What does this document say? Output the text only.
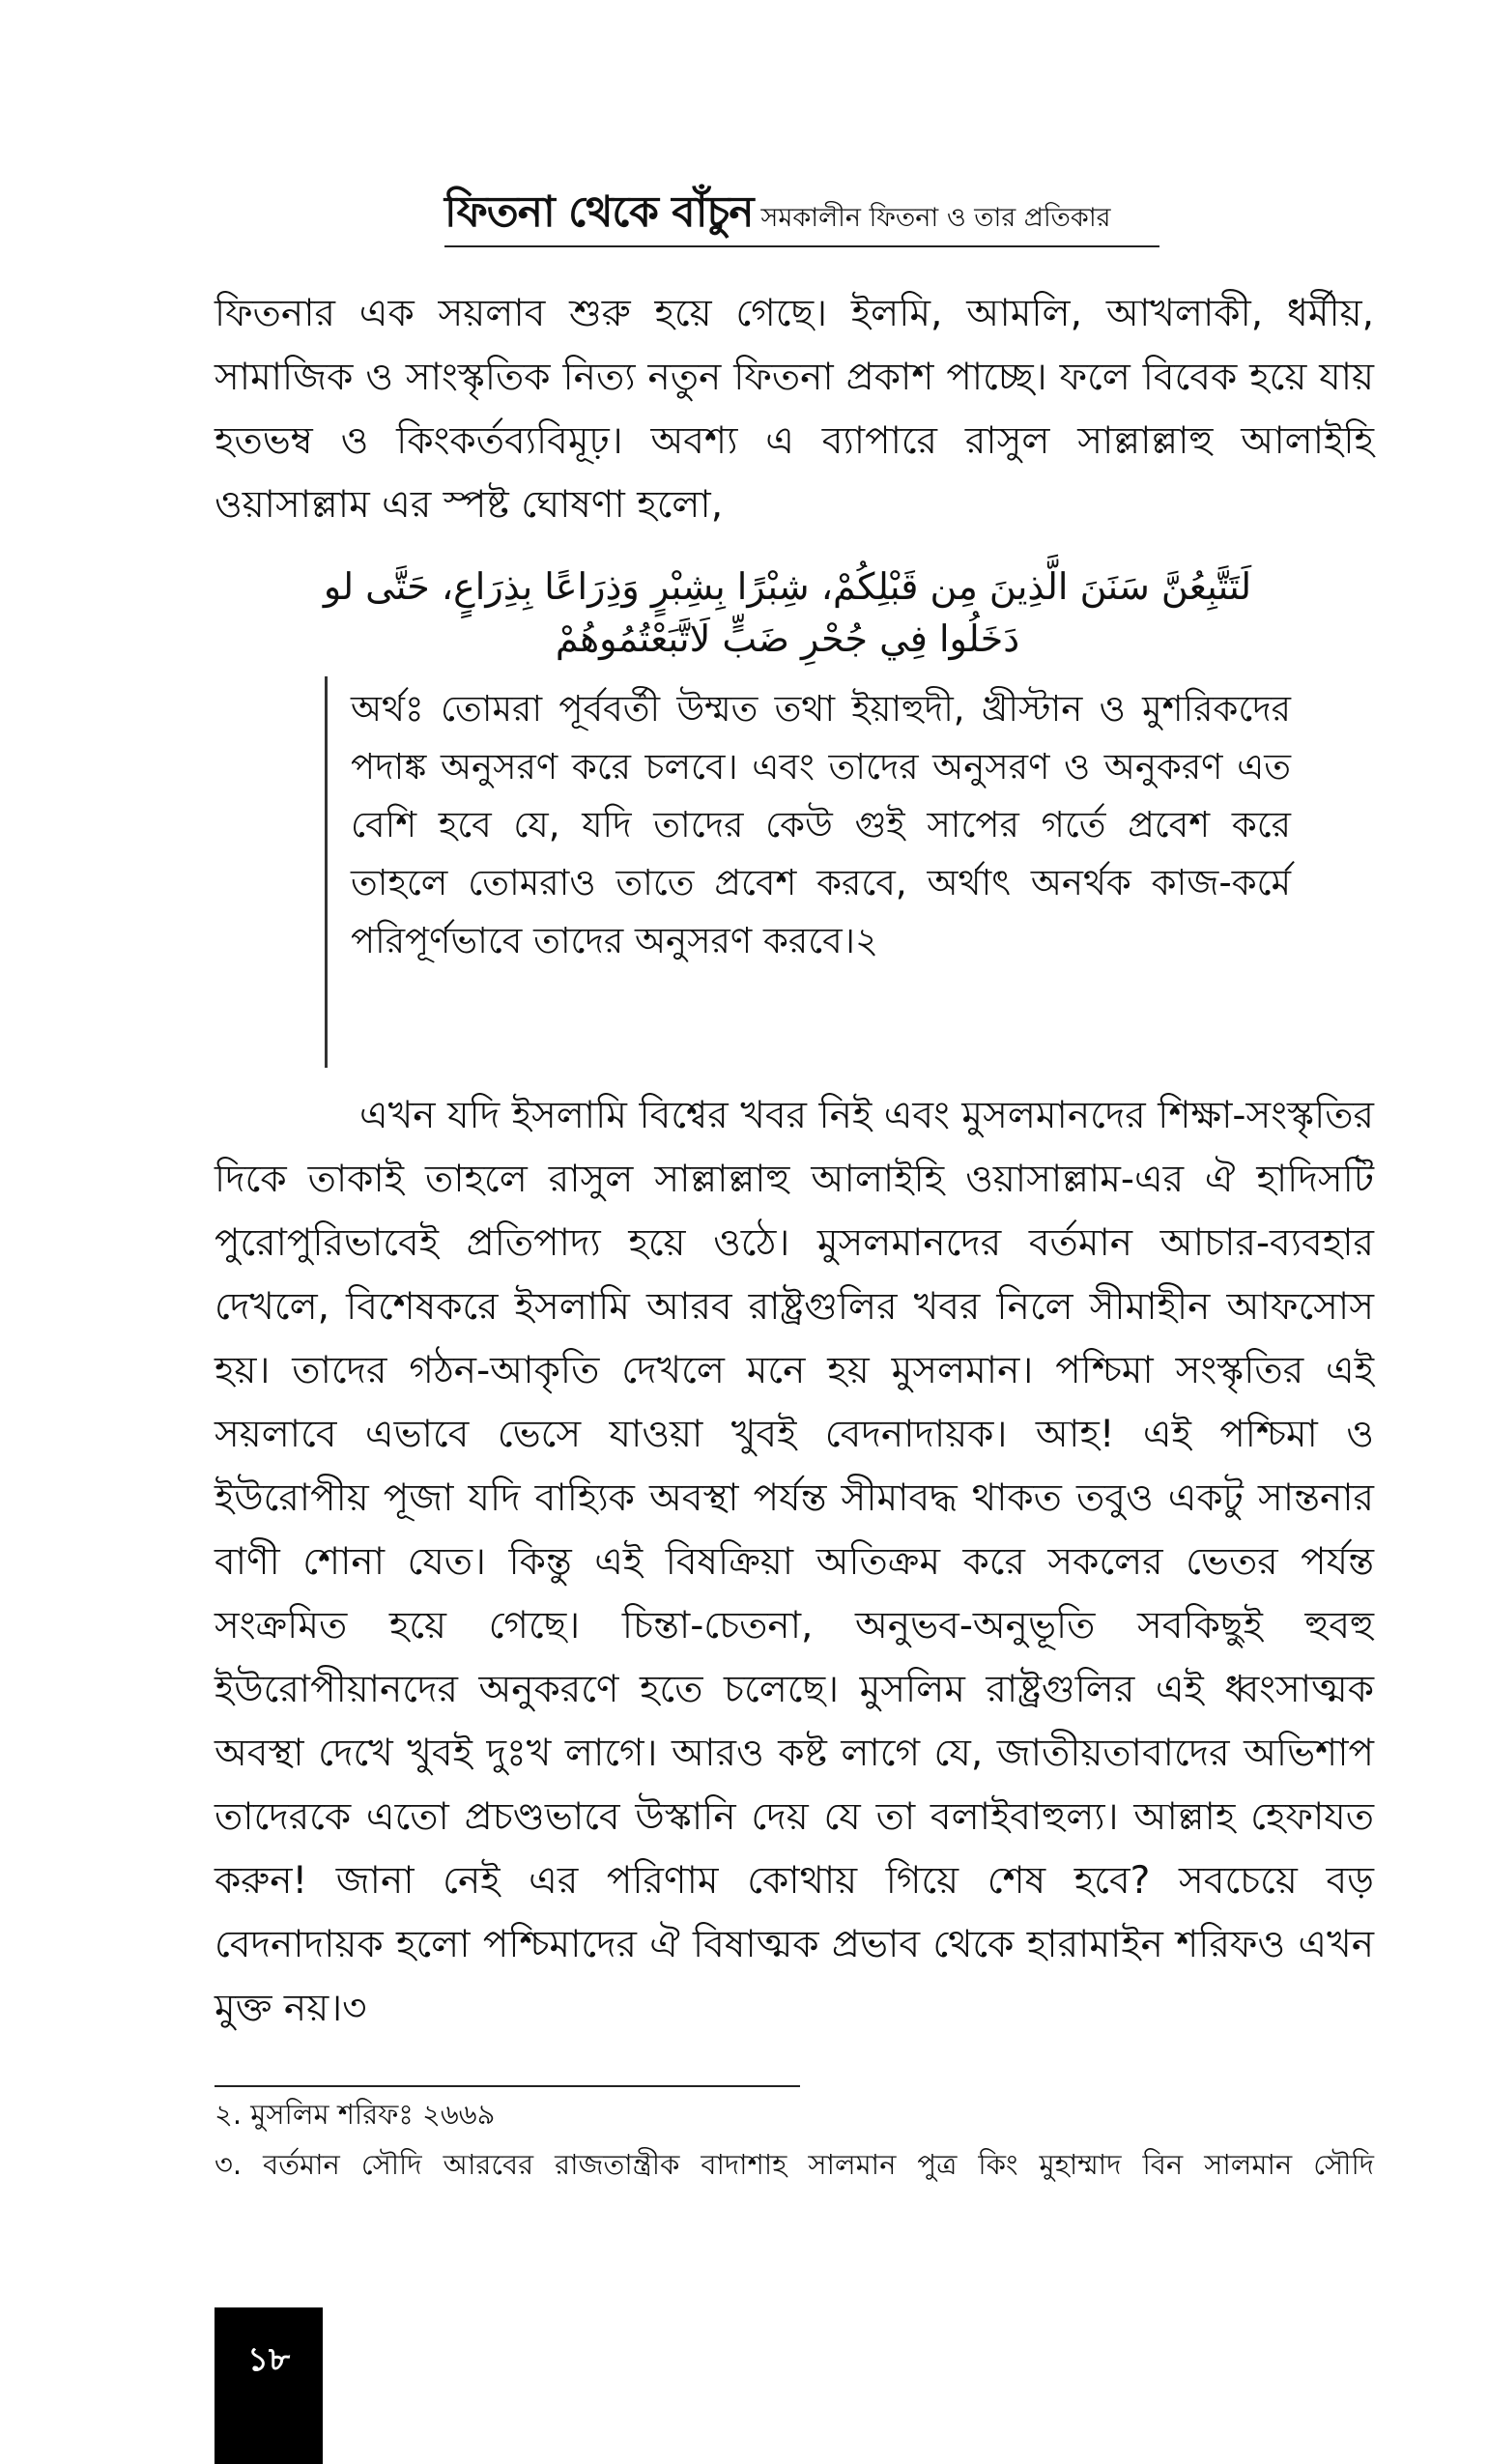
ফিতনা থেকে বাঁচুন সমকালীন ফিতনা ও তার প্রতিকার

ফিতনার এক সয়লাব শুরু হয়ে গেছে। ইলমি, আমলি, আখলাকী, ধর্মীয়, সামাজিক ও সাংস্কৃতিক নিত্য নতুন ফিতনা প্রকাশ পাচ্ছে। ফলে বিবেক হয়ে যায় হতভম্ব ও কিংকর্তব্যবিমূঢ়। অবশ্য এ ব্যাপারে রাসুল সাল্লাল্লাহু আলাইহি ওয়াসাল্লাম এর স্পষ্ট ঘোষণা হলো,

لَتَتَّبِعُنَّ سَنَنَ الَّذِينَ مِن قَبْلِكُمْ، شِبْرًا بِشِبْرٍ وَذِرَاعًا بِذِرَاعٍ، حَتَّى لو دَخَلُوا فِي جُحْرِ ضَبٍّ لَاتَّبَعْتُمُوهُمْ

অর্থঃ তোমরা পূর্ববর্তী উম্মত তথা ইয়াহুদী, খ্রীস্টান ও মুশরিকদের পদাঙ্ক অনুসরণ করে চলবে। এবং তাদের অনুসরণ ও অনুকরণ এত বেশি হবে যে, যদি তাদের কেউ গুই সাপের গর্তে প্রবেশ করে তাহলে তোমরাও তাতে প্রবেশ করবে, অর্থাৎ অনর্থক কাজ-কর্মে পরিপূর্ণভাবে তাদের অনুসরণ করবে।২

এখন যদি ইসলামি বিশ্বের খবর নিই এবং মুসলমানদের শিক্ষা-সংস্কৃতির দিকে তাকাই তাহলে রাসুল সাল্লাল্লাহু আলাইহি ওয়াসাল্লাম-এর ঐ হাদিসটি পুরোপুরিভাবেই প্রতিপাদ্য হয়ে ওঠে। মুসলমানদের বর্তমান আচার-ব্যবহার দেখলে, বিশেষকরে ইসলামি আরব রাষ্ট্রগুলির খবর নিলে সীমাহীন আফসোস হয়। তাদের গঠন-আকৃতি দেখলে মনে হয় মুসলমান। পশ্চিমা সংস্কৃতির এই সয়লাবে এভাবে ভেসে যাওয়া খুবই বেদনাদায়ক। আহ! এই পশ্চিমা ও ইউরোপীয় পূজা যদি বাহ্যিক অবস্থা পর্যন্ত সীমাবদ্ধ থাকত তবুও একটু সান্তনার বাণী শোনা যেত। কিন্তু এই বিষক্রিয়া অতিক্রম করে সকলের ভেতর পর্যন্ত সংক্রমিত হয়ে গেছে। চিন্তা-চেতনা, অনুভব-অনুভূতি সবকিছুই হুবহু ইউরোপীয়ানদের অনুকরণে হতে চলেছে। মুসলিম রাষ্ট্রগুলির এই ধ্বংসাত্মক অবস্থা দেখে খুবই দুঃখ লাগে। আরও কষ্ট লাগে যে, জাতীয়তাবাদের অভিশাপ তাদেরকে এতো প্রচণ্ডভাবে উস্কানি দেয় যে তা বলাইবাহুল্য। আল্লাহ হেফাযত করুন! জানা নেই এর পরিণাম কোথায় গিয়ে শেষ হবে? সবচেয়ে বড় বেদনাদায়ক হলো পশ্চিমাদের ঐ বিষাত্মক প্রভাব থেকে হারামাইন শরিফও এখন মুক্ত নয়।৩

২. মুসলিম শরিফঃ ২৬৬৯

৩. বর্তমান সৌদি আরবের রাজতান্ত্রীক বাদাশাহ সালমান পুত্র কিং মুহাম্মাদ বিন সালমান সৌদি

১৮
